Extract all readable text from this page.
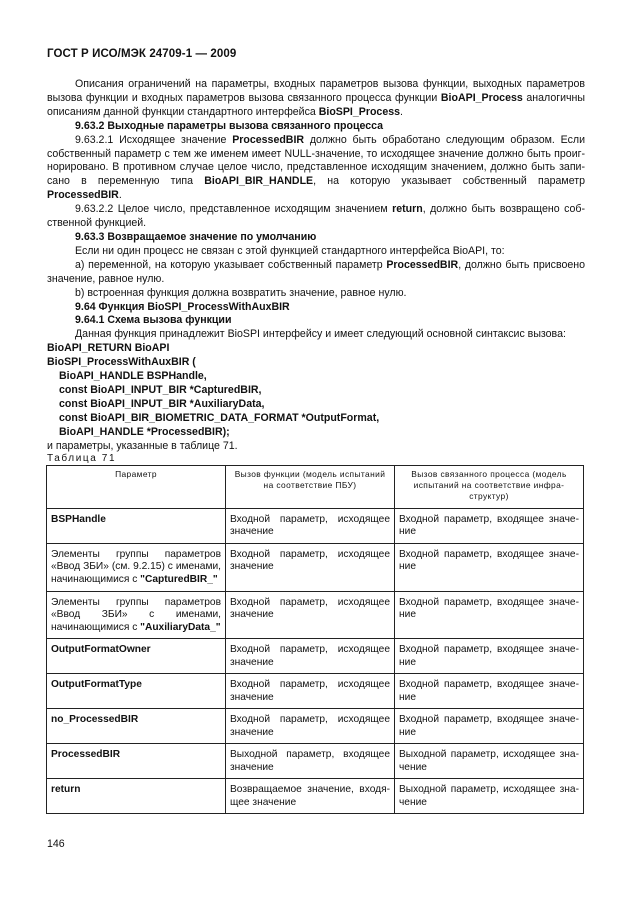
ГОСТ Р ИСО/МЭК 24709-1 — 2009

Описания ограничений на параметры, входных параметров вызова функции, выходных параметров

вызова функции и входных параметров вызова связанного процесса функции BioAPI_Process аналогичны

описаниям данной функции стандартного интерфейса BioSPI_Process.

9.63.2 Выходные параметры вызова связанного процесса

9.63.2.1 Исходящее значение ProcessedBIR должно быть обработано следующим образом. Если

собственный параметр с тем же именем имеет NULL-значение, то исходящее значение должно быть проиг-

норировано. В противном случае целое число, представленное исходящим значением, должно быть запи-

сано в переменную типа BioAPI_BIR_HANDLE, на которую указывает собственный параметр ProcessedBIR.

9.63.2.2 Целое число, представленное исходящим значением return, должно быть возвращено соб-

ственной функцией.

9.63.3 Возвращаемое значение по умолчанию

Если ни один процесс не связан с этой функцией стандартного интерфейса BioAPI, то:

а) переменной, на которую указывает собственный параметр ProcessedBIR, должно быть присвоено

значение, равное нулю.

b) встроенная функция должна возвратить значение, равное нулю.

9.64 Функция BioSPI_ProcessWithAuxBIR

9.64.1 Схема вызова функции

Данная функция принадлежит BioSPI интерфейсу и имеет следующий основной синтаксис вызова:

BioAPI_RETURN BioAPI

BioSPI_ProcessWithAuxBIR (

BioAPI_HANDLE BSPHandle,

const BioAPI_INPUT_BIR *CapturedBIR,

const BioAPI_INPUT_BIR *AuxiliaryData,

const BioAPI_BIR_BIOMETRIC_DATA_FORMAT *OutputFormat,

BioAPI_HANDLE *ProcessedBIR);

и параметры, указанные в таблице 71.

Таблица 71
Параметр	Вызов функции (модель испытаний на соответствие ПБУ)	Вызов связанного процесса (модель испытаний на соответствие инфра-структур)
BSPHandle	Входной параметр, исходящее значение	Входной параметр, входящее значе-ние
Элементы группы параметров «Ввод ЗБИ» (см. 9.2.15) с именами, начинающимися с "CapturedBIR_"	Входной параметр, исходящее значение	Входной параметр, входящее значе-ние
Элементы группы параметров «Ввод ЗБИ» с именами, начинающимися с "AuxiliaryData_"	Входной параметр, исходящее значение	Входной параметр, входящее значе-ние
OutputFormatOwner	Входной параметр, исходящее значение	Входной параметр, входящее значе-ние
OutputFormatType	Входной параметр, исходящее значение	Входной параметр, входящее значе-ние
no_ProcessedBIR	Входной параметр, исходящее значение	Входной параметр, входящее значе-ние
ProcessedBIR	Выходной параметр, входящее значение	Выходной параметр, исходящее зна-чение
return	Возвращаемое значение, входя-щее значение	Выходной параметр, исходящее зна-чение
146
